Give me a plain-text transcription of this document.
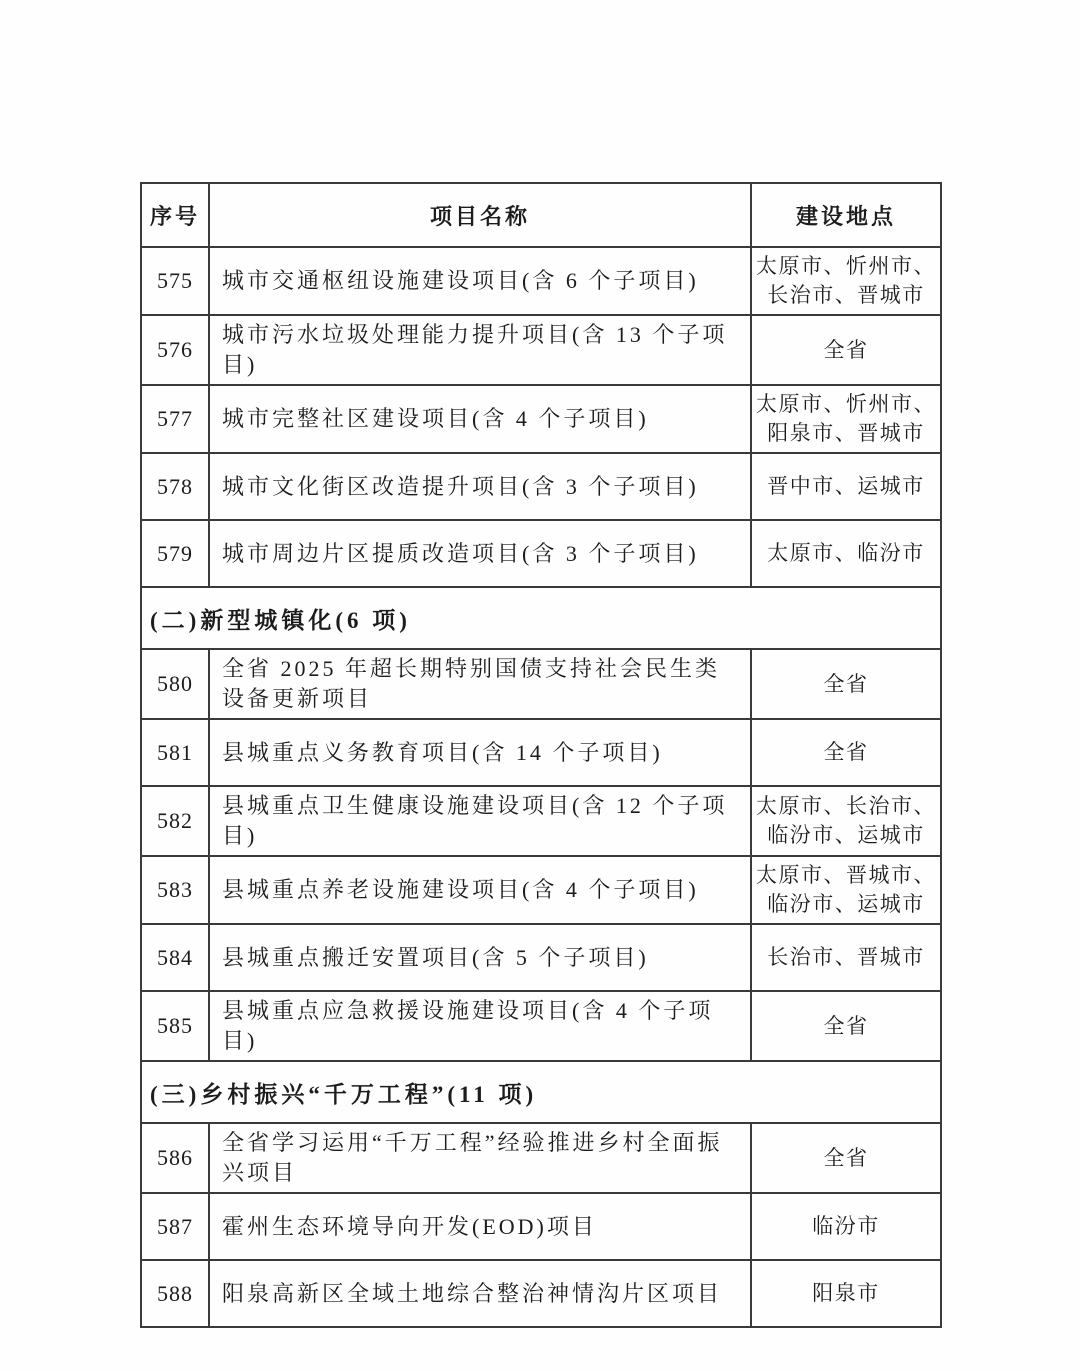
序号	项目名称	建设地点
575	城市交通枢纽设施建设项目(含 6 个子项目)	太原市、忻州市、长治市、晋城市
576	城市污水垃圾处理能力提升项目(含 13 个子项目)	全省
577	城市完整社区建设项目(含 4 个子项目)	太原市、忻州市、阳泉市、晋城市
578	城市文化街区改造提升项目(含 3 个子项目)	晋中市、运城市
579	城市周边片区提质改造项目(含 3 个子项目)	太原市、临汾市
(二)新型城镇化(6 项)		
580	全省 2025 年超长期特别国债支持社会民生类设备更新项目	全省
581	县城重点义务教育项目(含 14 个子项目)	全省
582	县城重点卫生健康设施建设项目(含 12 个子项目)	太原市、长治市、临汾市、运城市
583	县城重点养老设施建设项目(含 4 个子项目)	太原市、晋城市、临汾市、运城市
584	县城重点搬迁安置项目(含 5 个子项目)	长治市、晋城市
585	县城重点应急救援设施建设项目(含 4 个子项目)	全省
(三)乡村振兴“千万工程”(11 项)		
586	全省学习运用“千万工程”经验推进乡村全面振兴项目	全省
587	霍州生态环境导向开发(EOD)项目	临汾市
588	阳泉高新区全域土地综合整治神情沟片区项目	阳泉市
